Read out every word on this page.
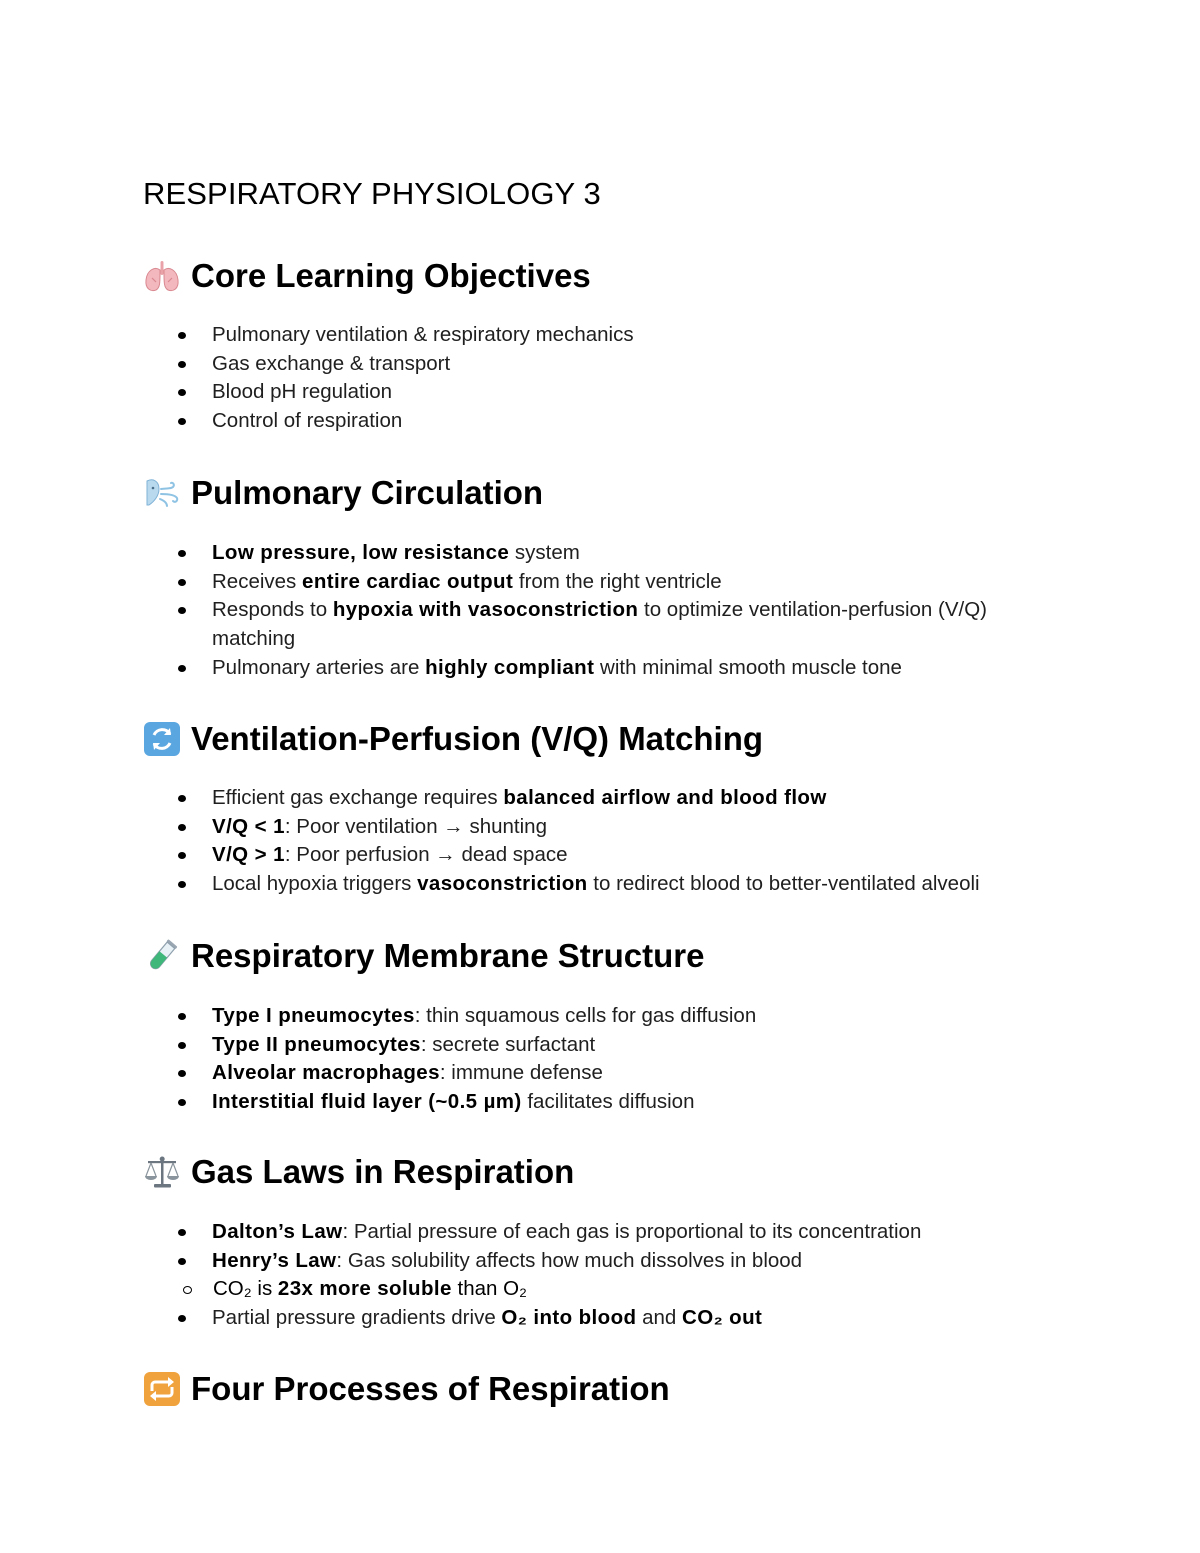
RESPIRATORY PHYSIOLOGY 3
Core Learning Objectives
Pulmonary ventilation & respiratory mechanics
Gas exchange & transport
Blood pH regulation
Control of respiration
Pulmonary Circulation
Low pressure, low resistance system
Receives entire cardiac output from the right ventricle
Responds to hypoxia with vasoconstriction to optimize ventilation-perfusion (V/Q) matching
Pulmonary arteries are highly compliant with minimal smooth muscle tone
Ventilation-Perfusion (V/Q) Matching
Efficient gas exchange requires balanced airflow and blood flow
V/Q < 1: Poor ventilation → shunting
V/Q > 1: Poor perfusion → dead space
Local hypoxia triggers vasoconstriction to redirect blood to better-ventilated alveoli
Respiratory Membrane Structure
Type I pneumocytes: thin squamous cells for gas diffusion
Type II pneumocytes: secrete surfactant
Alveolar macrophages: immune defense
Interstitial fluid layer (~0.5 µm) facilitates diffusion
Gas Laws in Respiration
Dalton’s Law: Partial pressure of each gas is proportional to its concentration
Henry’s Law: Gas solubility affects how much dissolves in blood
CO₂ is 23x more soluble than O₂
Partial pressure gradients drive O₂ into blood and CO₂ out
Four Processes of Respiration
